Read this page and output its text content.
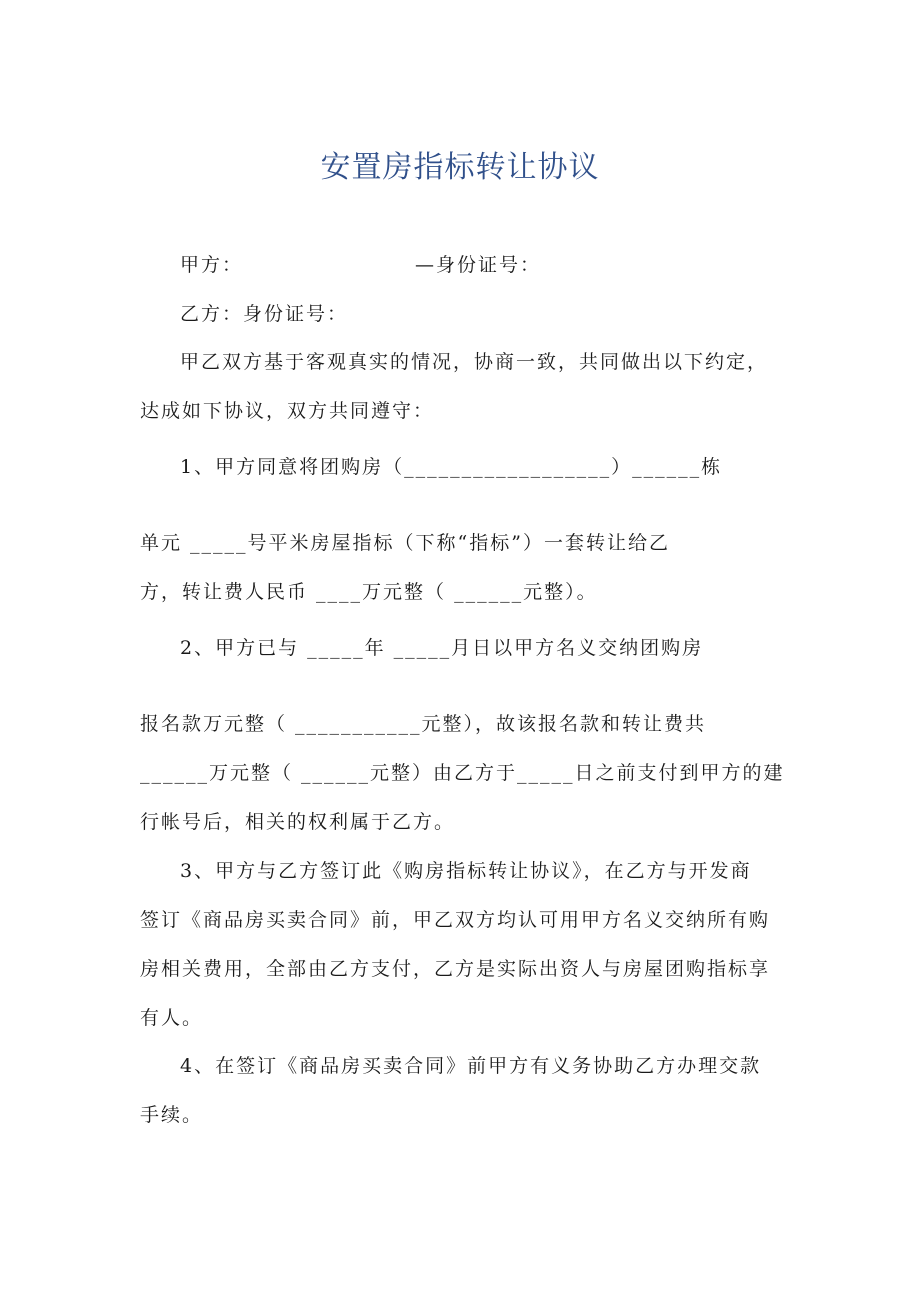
安置房指标转让协议
甲方：	—身份证号：
乙方：身份证号：
甲乙双方基于客观真实的情况，协商一致，共同做出以下约定，
达成如下协议，双方共同遵守：
1、甲方同意将团购房（__________________）______栋
单元 _____号平米房屋指标（下称“指标”）一套转让给乙
方，转让费人民币 ____万元整（ ______元整）。
2、甲方已与 _____年 _____月日以甲方名义交纳团购房
报名款万元整（ ___________元整），故该报名款和转让费共
______万元整（ ______元整）由乙方于_____日之前支付到甲方的建
行帐号后，相关的权利属于乙方。
3、甲方与乙方签订此《购房指标转让协议》，在乙方与开发商
签订《商品房买卖合同》前，甲乙双方均认可用甲方名义交纳所有购
房相关费用，全部由乙方支付，乙方是实际出资人与房屋团购指标享
有人。
4、在签订《商品房买卖合同》前甲方有义务协助乙方办理交款
手续。
